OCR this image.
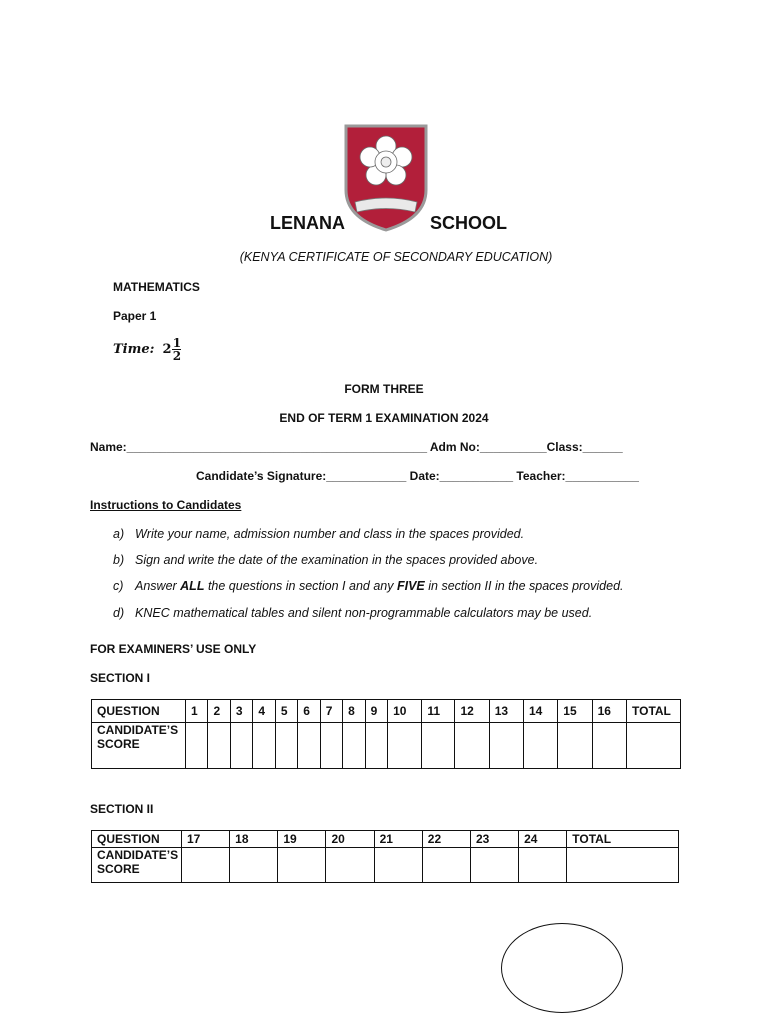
LENANA	SCHOOL
(KENYA CERTIFICATE OF SECONDARY EDUCATION)
MATHEMATICS
Paper 1
Time: $2 \frac{1}{2}$
FORM THREE
END OF TERM 1 EXAMINATION 2024
Name:_____________________________________________ Adm No:__________Class:______
Candidate’s Signature:____________ Date:___________ Teacher:___________
Instructions to Candidates
a) Write your name, admission number and class in the spaces provided.
b) Sign and write the date of the examination in the spaces provided above.
c) Answer ALL the questions in section I and any FIVE in section II in the spaces provided.
d) KNEC mathematical tables and silent non-programmable calculators may be used.
FOR EXAMINERS’ USE ONLY
SECTION I
QUESTION	1	2	3	4	5	6	7	8	9	10	11	12	13	14	15	16	TOTAL
CANDIDATE’S SCORE																	
SECTION II
QUESTION	17	18	19	20	21	22	23	24	TOTAL
CANDIDATE’S SCORE									
